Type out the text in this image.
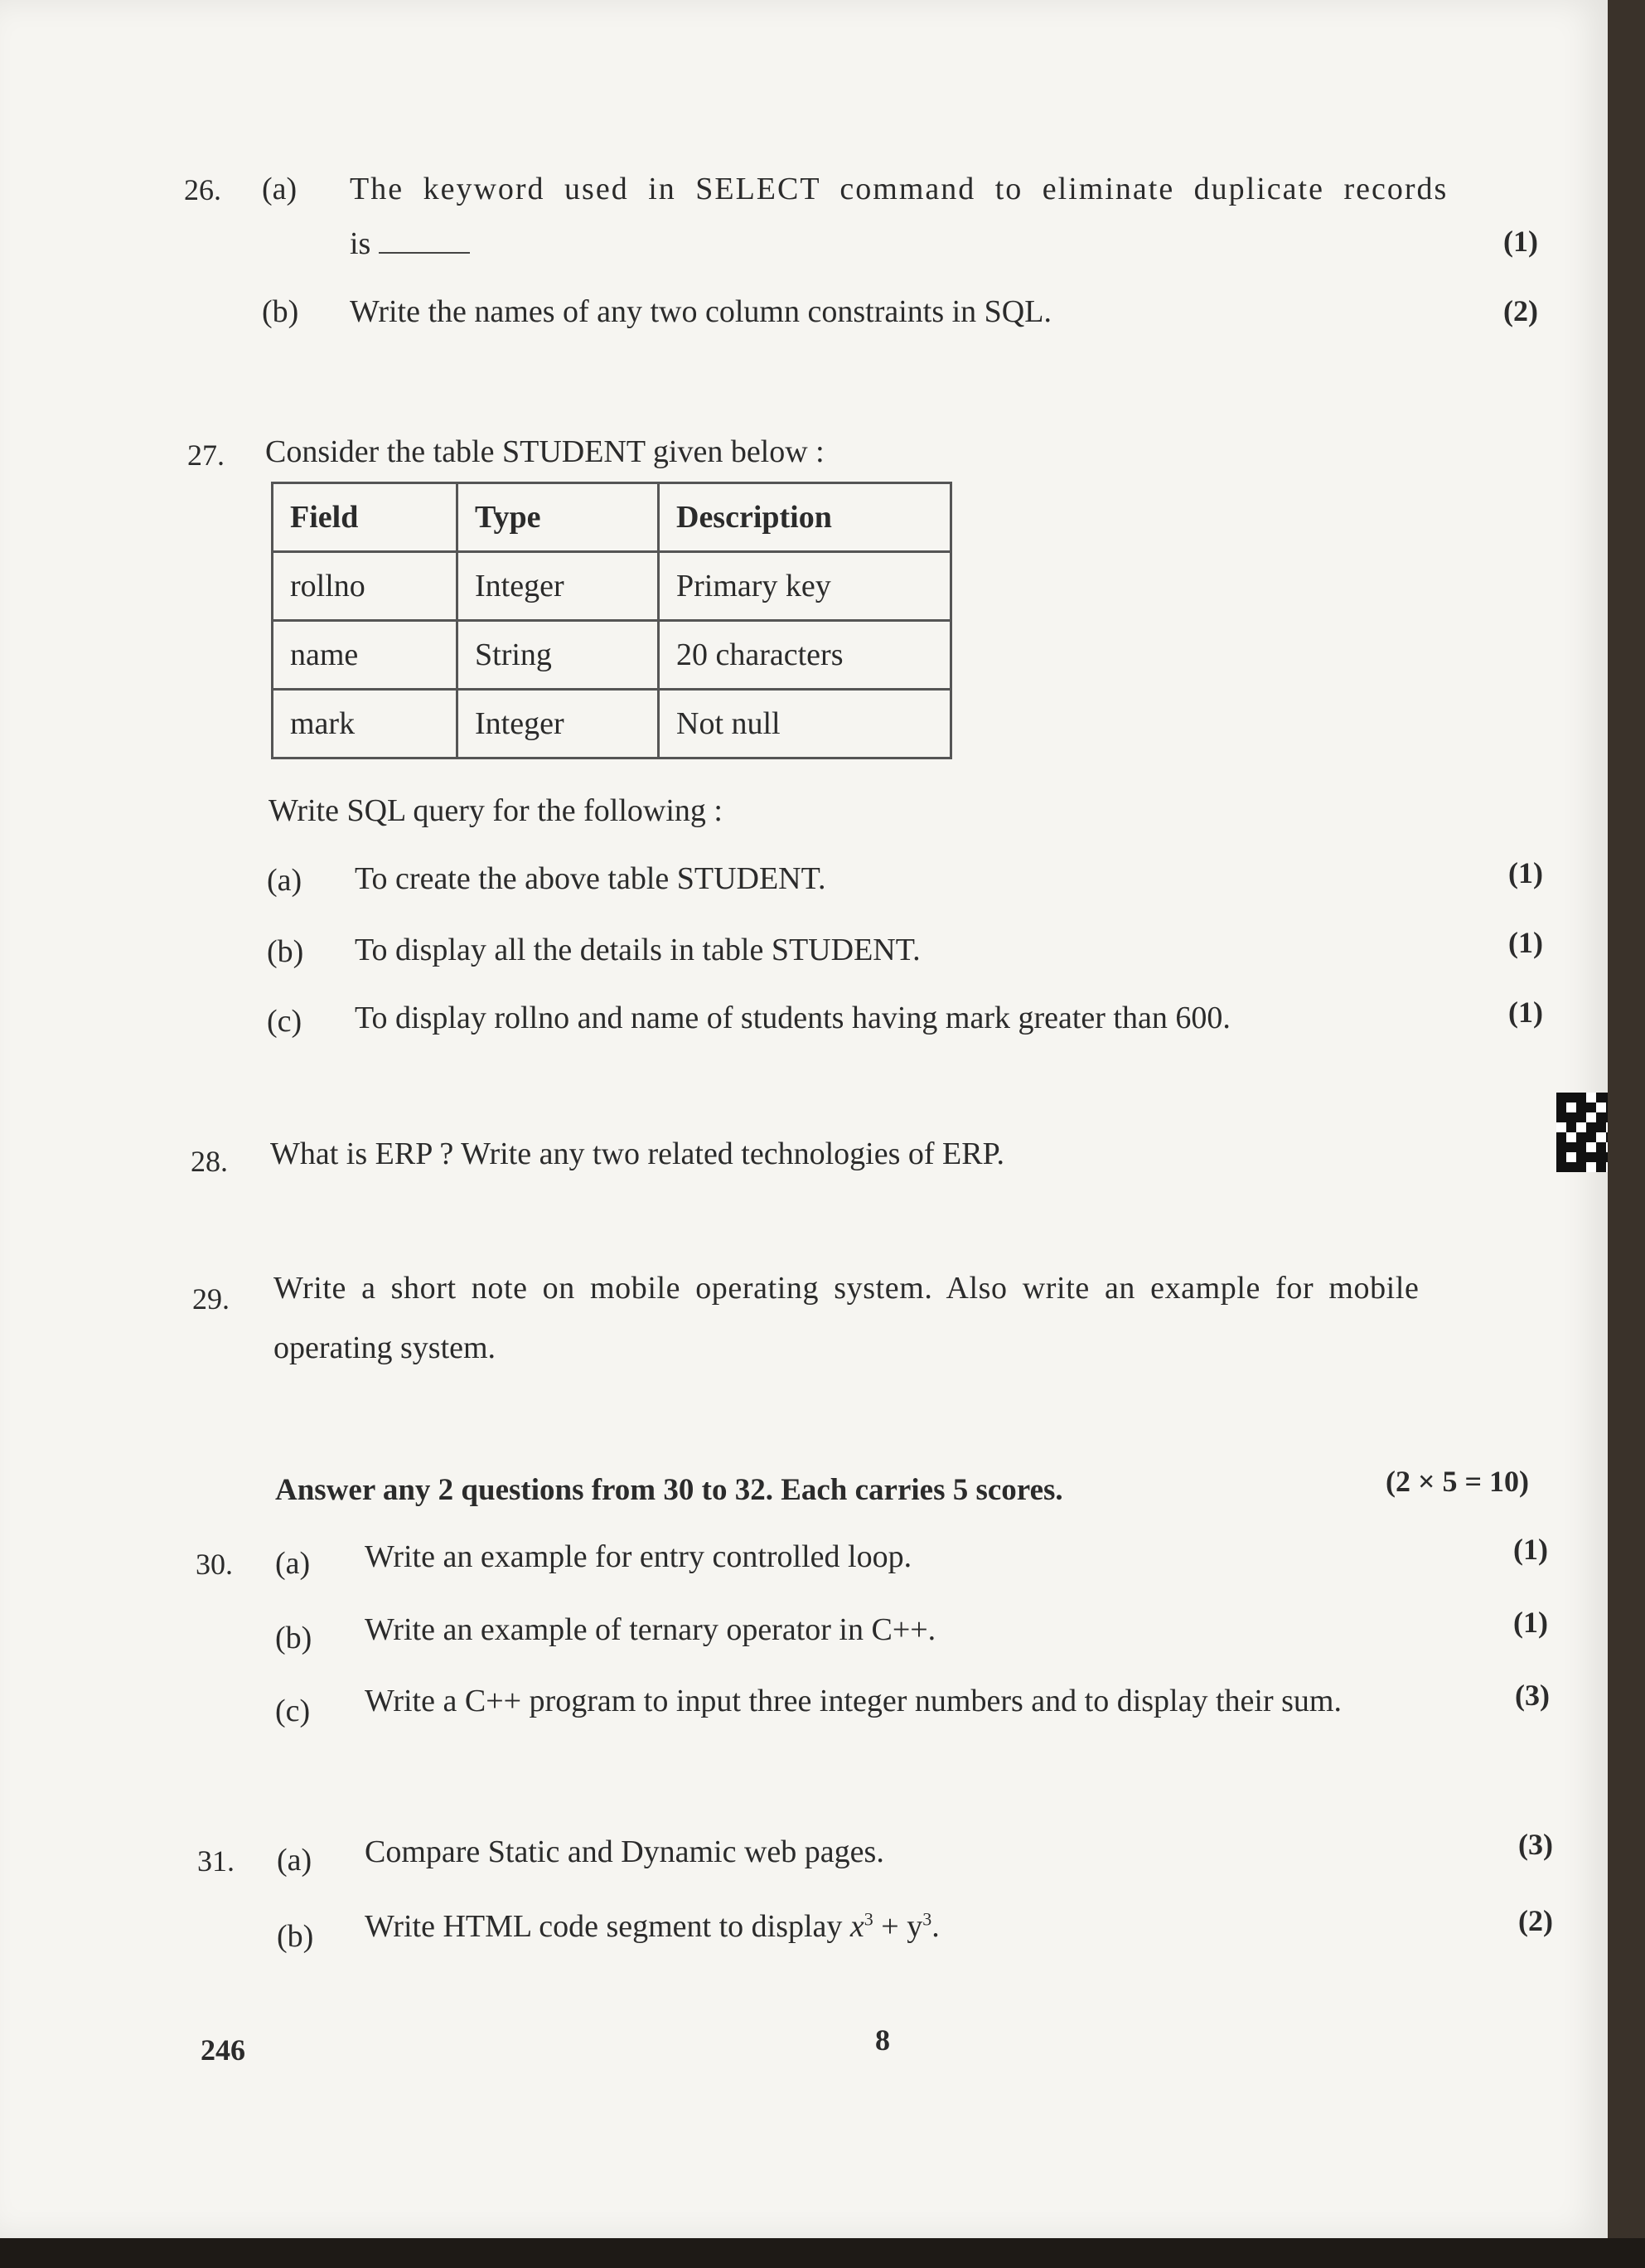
26. (a) The keyword used in SELECT command to eliminate duplicate records
is	(1)
(b) Write the names of any two column constraints in SQL.	(2)
27. Consider the table STUDENT given below :
Field	Type	Description
rollno	Integer	Primary key
name	String	20 characters
mark	Integer	Not null
Write SQL query for the following :
(a) To create the above table STUDENT.	(1)
(b) To display all the details in table STUDENT.	(1)
(c) To display rollno and name of students having mark greater than 600.	(1)
28. What is ERP ? Write any two related technologies of ERP.
29. Write a short note on mobile operating system. Also write an example for mobile
operating system.
Answer any 2 questions from 30 to 32. Each carries 5 scores.	(2 × 5 = 10)
30. (a) Write an example for entry controlled loop.	(1)
(b) Write an example of ternary operator in C++.	(1)
(c) Write a C++ program to input three integer numbers and to display their sum.	(3)
31. (a) Compare Static and Dynamic web pages.	(3)
(b) Write HTML code segment to display $x^3 + y^3$.	(2)
246	8
